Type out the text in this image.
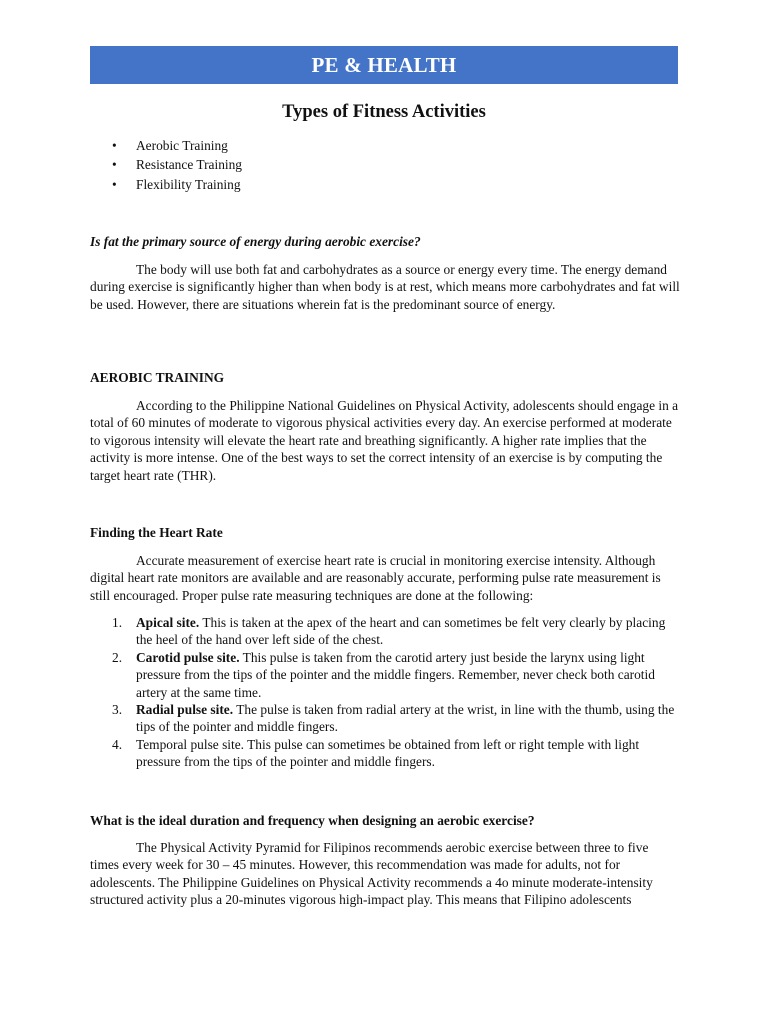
PE & HEALTH
Types of Fitness Activities
• Aerobic Training
• Resistance Training
• Flexibility Training
Is fat the primary source of energy during aerobic exercise?

The body will use both fat and carbohydrates as a source or energy every time. The energy demand during exercise is significantly higher than when body is at rest, which means more carbohydrates and fat will be used. However, there are situations wherein fat is the predominant source of energy.

AEROBIC TRAINING

According to the Philippine National Guidelines on Physical Activity, adolescents should engage in a total of 60 minutes of moderate to vigorous physical activities every day. An exercise performed at moderate to vigorous intensity will elevate the heart rate and breathing significantly. A higher rate implies that the activity is more intense. One of the best ways to set the correct intensity of an exercise is by computing the target heart rate (THR).

Finding the Heart Rate

Accurate measurement of exercise heart rate is crucial in monitoring exercise intensity. Although digital heart rate monitors are available and are reasonably accurate, performing pulse rate measurement is still encouraged. Proper pulse rate measuring techniques are done at the following:

1. Apical site. This is taken at the apex of the heart and can sometimes be felt very clearly by placing the heel of the hand over left side of the chest.
2. Carotid pulse site. This pulse is taken from the carotid artery just beside the larynx using light pressure from the tips of the pointer and the middle fingers. Remember, never check both carotid artery at the same time.
3. Radial pulse site. The pulse is taken from radial artery at the wrist, in line with the thumb, using the tips of the pointer and middle fingers.
4. Temporal pulse site. This pulse can sometimes be obtained from left or right temple with light pressure from the tips of the pointer and middle fingers.
What is the ideal duration and frequency when designing an aerobic exercise?

The Physical Activity Pyramid for Filipinos recommends aerobic exercise between three to five times every week for 30 – 45 minutes. However, this recommendation was made for adults, not for adolescents. The Philippine Guidelines on Physical Activity recommends a 4o minute moderate-intensity structured activity plus a 20-minutes vigorous high-impact play. This means that Filipino adolescents
